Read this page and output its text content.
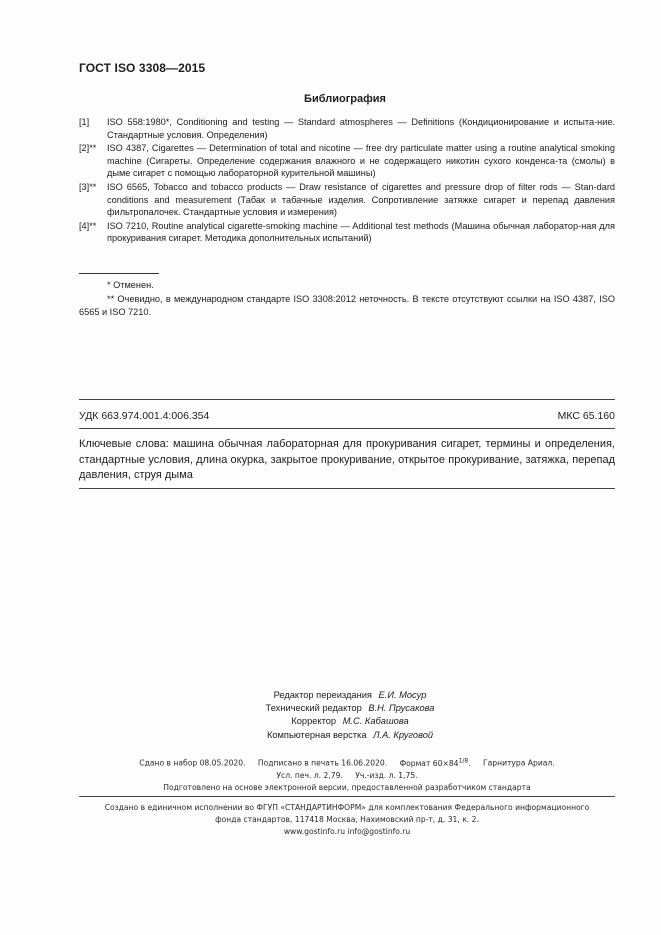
ГОСТ ISO 3308—2015
Библиография
[1] ISO 558:1980*, Conditioning and testing — Standard atmospheres — Definitions (Кондиционирование и испыта-ние. Стандартные условия. Определения)
[2]** ISO 4387, Cigarettes — Determination of total and nicotine — free dry particulate matter using a routine analytical smoking machine (Сигареты. Определение содержания влажного и не содержащего никотин сухого конденса-та (смолы) в дыме сигарет с помощью лабораторной курительной машины)
[3]** ISO 6565, Tobacco and tobacco products — Draw resistance of cigarettes and pressure drop of filter rods — Stan-dard conditions and measurement (Табак и табачные изделия. Сопротивление затяжке сигарет и перепад давления фильтропалочек. Стандартные условия и измерения)
[4]** ISO 7210, Routine analytical cigarette-smoking machine — Additional test methods (Машина обычная лаборатор-ная для прокуривания сигарет. Методика дополнительных испытаний)
* Отменен.
** Очевидно, в международном стандарте ISO 3308:2012 неточность. В тексте отсутствуют ссылки на ISO 4387, ISO 6565 и ISO 7210.
УДК 663.974.001.4:006.354	МКС 65.160
Ключевые слова: машина обычная лабораторная для прокуривания сигарет, термины и определения, стандартные условия, длина окурка, закрытое прокуривание, открытое прокуривание, затяжка, перепад давления, струя дыма
Редактор переиздания Е.И. Мосур
Технический редактор В.Н. Прусакова
Корректор М.С. Кабашова
Компьютерная верстка Л.А. Круговой
Сдано в набор 08.05.2020. Подписано в печать 16.06.2020. Формат $60\times 84^{1/8}$. Гарнитура Ариал.
Усл. печ. л. 2,79. Уч.-изд. л. 1,75.
Подготовлено на основе электронной версии, предоставленной разработчиком стандарта
Создано в единичном исполнении во ФГУП «СТАНДАРТИНФОРМ» для комплектования Федерального информационного
фонда стандартов, 117418 Москва, Нахимовский пр-т, д. 31, к. 2.
www.gostinfo.ru info@gostinfo.ru
